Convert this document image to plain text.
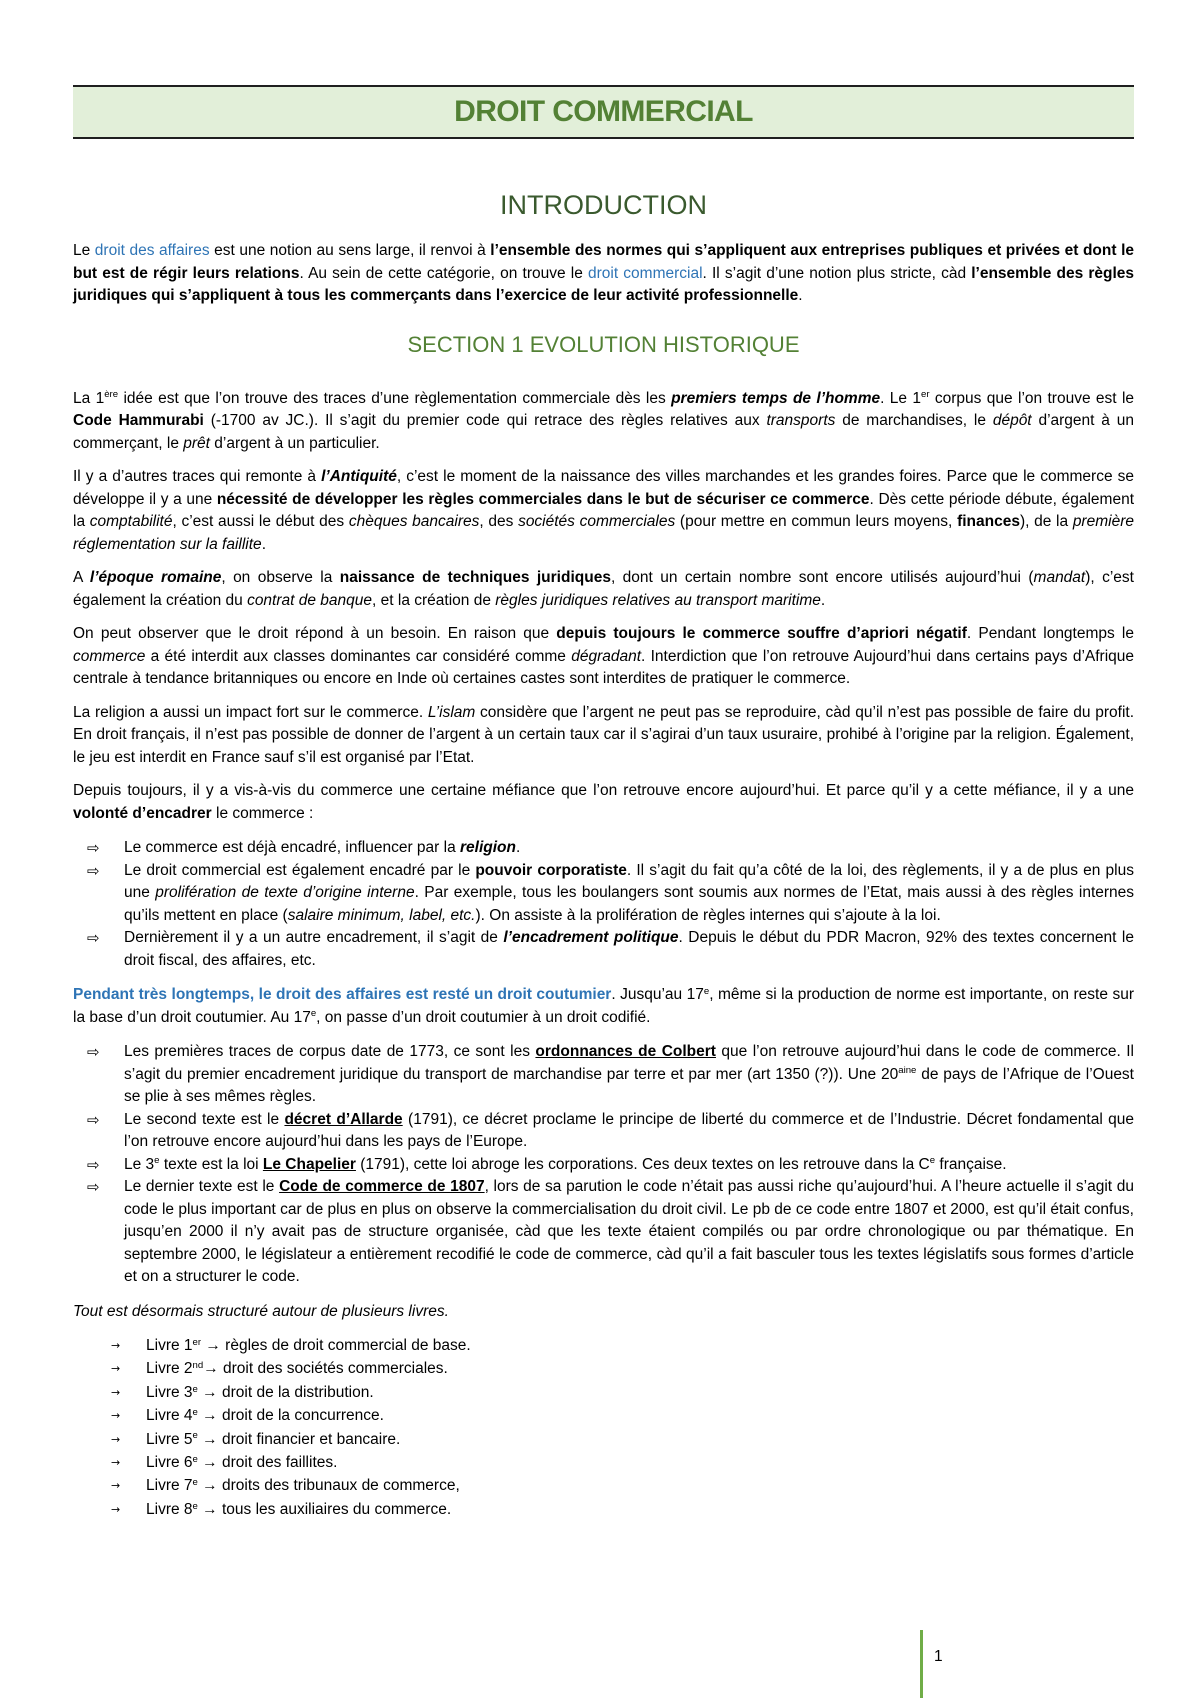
DROIT COMMERCIAL
INTRODUCTION

Le droit des affaires est une notion au sens large, il renvoi à l’ensemble des normes qui s’appliquent aux entreprises publiques et privées et dont le but est de régir leurs relations. Au sein de cette catégorie, on trouve le droit commercial. Il s’agit d’une notion plus stricte, càd l’ensemble des règles juridiques qui s’appliquent à tous les commerçants dans l’exercice de leur activité professionnelle.

SECTION 1 EVOLUTION HISTORIQUE

La 1ère idée est que l’on trouve des traces d’une règlementation commerciale dès les premiers temps de l’homme. Le 1er corpus que l’on trouve est le Code Hammurabi (-1700 av JC.). Il s’agit du premier code qui retrace des règles relatives aux transports de marchandises, le dépôt d’argent à un commerçant, le prêt d’argent à un particulier.

Il y a d’autres traces qui remonte à l’Antiquité, c’est le moment de la naissance des villes marchandes et les grandes foires. Parce que le commerce se développe il y a une nécessité de développer les règles commerciales dans le but de sécuriser ce commerce. Dès cette période débute, également la comptabilité, c’est aussi le début des chèques bancaires, des sociétés commerciales (pour mettre en commun leurs moyens, finances), de la première réglementation sur la faillite.

A l’époque romaine, on observe la naissance de techniques juridiques, dont un certain nombre sont encore utilisés aujourd’hui (mandat), c’est également la création du contrat de banque, et la création de règles juridiques relatives au transport maritime.

On peut observer que le droit répond à un besoin. En raison que depuis toujours le commerce souffre d’apriori négatif. Pendant longtemps le commerce a été interdit aux classes dominantes car considéré comme dégradant. Interdiction que l’on retrouve Aujourd’hui dans certains pays d’Afrique centrale à tendance britanniques ou encore en Inde où certaines castes sont interdites de pratiquer le commerce.

La religion a aussi un impact fort sur le commerce. L’islam considère que l’argent ne peut pas se reproduire, càd qu’il n’est pas possible de faire du profit. En droit français, il n’est pas possible de donner de l’argent à un certain taux car il s’agirai d’un taux usuraire, prohibé à l’origine par la religion. Également, le jeu est interdit en France sauf s’il est organisé par l’Etat.

Depuis toujours, il y a vis-à-vis du commerce une certaine méfiance que l’on retrouve encore aujourd’hui. Et parce qu’il y a cette méfiance, il y a une volonté d’encadrer le commerce :

⇨
Le commerce est déjà encadré, influencer par la religion.
⇨
Le droit commercial est également encadré par le pouvoir corporatiste. Il s’agit du fait qu’a côté de la loi, des règlements, il y a de plus en plus une prolifération de texte d’origine interne. Par exemple, tous les boulangers sont soumis aux normes de l’Etat, mais aussi à des règles internes qu’ils mettent en place (salaire minimum, label, etc.). On assiste à la prolifération de règles internes qui s’ajoute à la loi.
⇨
Dernièrement il y a un autre encadrement, il s’agit de l’encadrement politique. Depuis le début du PDR Macron, 92% des textes concernent le droit fiscal, des affaires, etc.

Pendant très longtemps, le droit des affaires est resté un droit coutumier. Jusqu’au 17e, même si la production de norme est importante, on reste sur la base d’un droit coutumier. Au 17e, on passe d’un droit coutumier à un droit codifié.

⇨
Les premières traces de corpus date de 1773, ce sont les ordonnances de Colbert que l’on retrouve aujourd’hui dans le code de commerce. Il s’agit du premier encadrement juridique du transport de marchandise par terre et par mer (art 1350 (?)). Une $20^{aine}$ de pays de l’Afrique de l’Ouest se plie à ses mêmes règles.
⇨
Le second texte est le décret d’Allarde (1791), ce décret proclame le principe de liberté du commerce et de l’Industrie. Décret fondamental que l’on retrouve encore aujourd’hui dans les pays de l’Europe.
⇨
Le 3e texte est la loi Le Chapelier (1791), cette loi abroge les corporations. Ces deux textes on les retrouve dans la Ce française.
⇨
Le dernier texte est le Code de commerce de 1807, lors de sa parution le code n’était pas aussi riche qu’aujourd’hui. A l’heure actuelle il s’agit du code le plus important car de plus en plus on observe la commercialisation du droit civil. Le pb de ce code entre 1807 et 2000, est qu’il était confus, jusqu’en 2000 il n’y avait pas de structure organisée, càd que les texte étaient compilés ou par ordre chronologique ou par thématique. En septembre 2000, le législateur a entièrement recodifié le code de commerce, càd qu’il a fait basculer tous les textes législatifs sous formes d’article et on a structurer le code.

Tout est désormais structuré autour de plusieurs livres.

→
Livre 1er → règles de droit commercial de base.
→
Livre 2nd→ droit des sociétés commerciales.
→
Livre $3^e$ → droit de la distribution.
→
Livre $4^e$ → droit de la concurrence.
→
Livre $5^e$ → droit financier et bancaire.
→
Livre $6^e$ → droit des faillites.
→
Livre $7^e$ → droits des tribunaux de commerce,
→
Livre $8^e$ → tous les auxiliaires du commerce.
1
